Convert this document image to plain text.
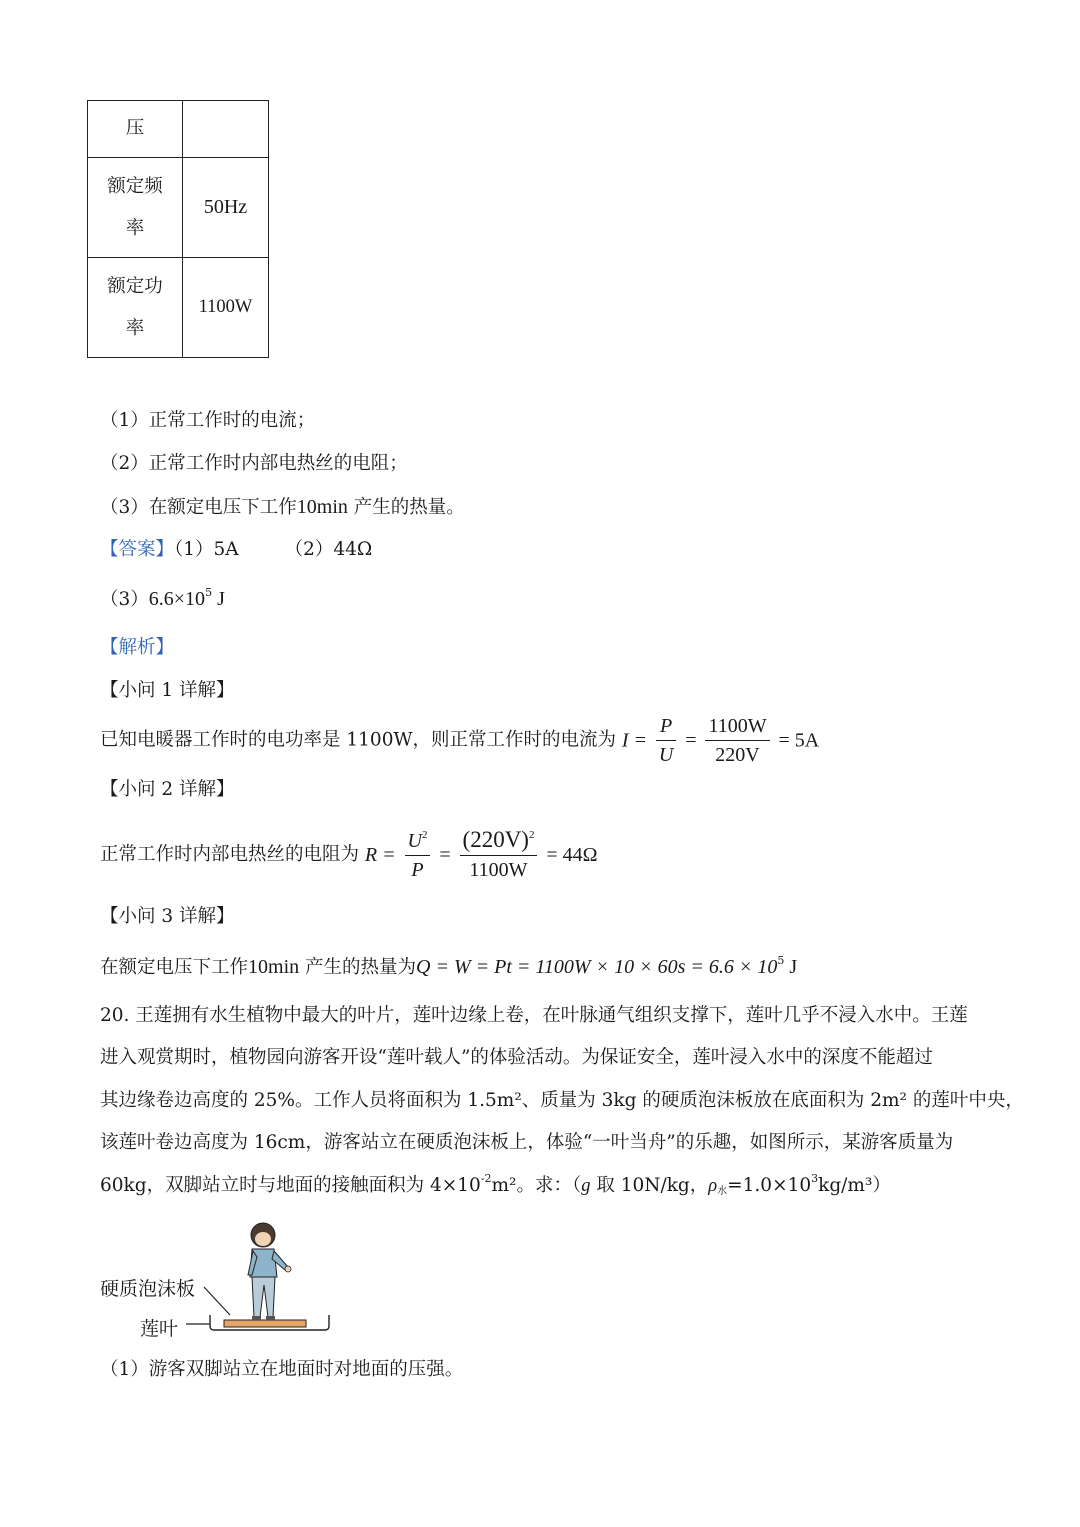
压	
额定频
率	50Hz
额定功
率	1100W
（1）正常工作时的电流；
（2）正常工作时内部电热丝的电阻；
（3）在额定电压下工作10min 产生的热量。
【答案】（1）5A （2）44Ω
$(3)6.6\times 10^5$ J
【解析】
【小问 1 详解】
已知电暖器工作时的电功率是 1100W，则正常工作时的电流为 $I = \frac{P}{U} = \frac{1100W}{220V} = 5A$
【小问 2 详解】
正常工作时内部电热丝的电阻为 $R = \frac{U^2}{P} = \frac{(220V)^2}{1100W} = 44\Omega$
【小问 3 详解】
在额定电压下工作10min 产生的热量为$Q = W = Pt = 1100W \times 10 \times 60s = 6.6 \times 10^5$ J
20. 王莲拥有水生植物中最大的叶片，莲叶边缘上卷，在叶脉通气组织支撑下，莲叶几乎不浸入水中。王莲
进入观赏期时，植物园向游客开设“莲叶载人”的体验活动。为保证安全，莲叶浸入水中的深度不能超过
其边缘卷边高度的 25%。工作人员将面积为 1.5m²、质量为 3kg 的硬质泡沫板放在底面积为 2m² 的莲叶中央，
该莲叶卷边高度为 16cm，游客站立在硬质泡沫板上，体验“一叶当舟”的乐趣，如图所示，某游客质量为
60kg，双脚站立时与地面的接触面积为 $4\times 10^{-2}m^2$。求：（g 取 10N/kg，$\rho_水=1.0\times 10^3kg/m^3$）
硬质泡沫板
莲叶
（1）游客双脚站立在地面时对地面的压强。
